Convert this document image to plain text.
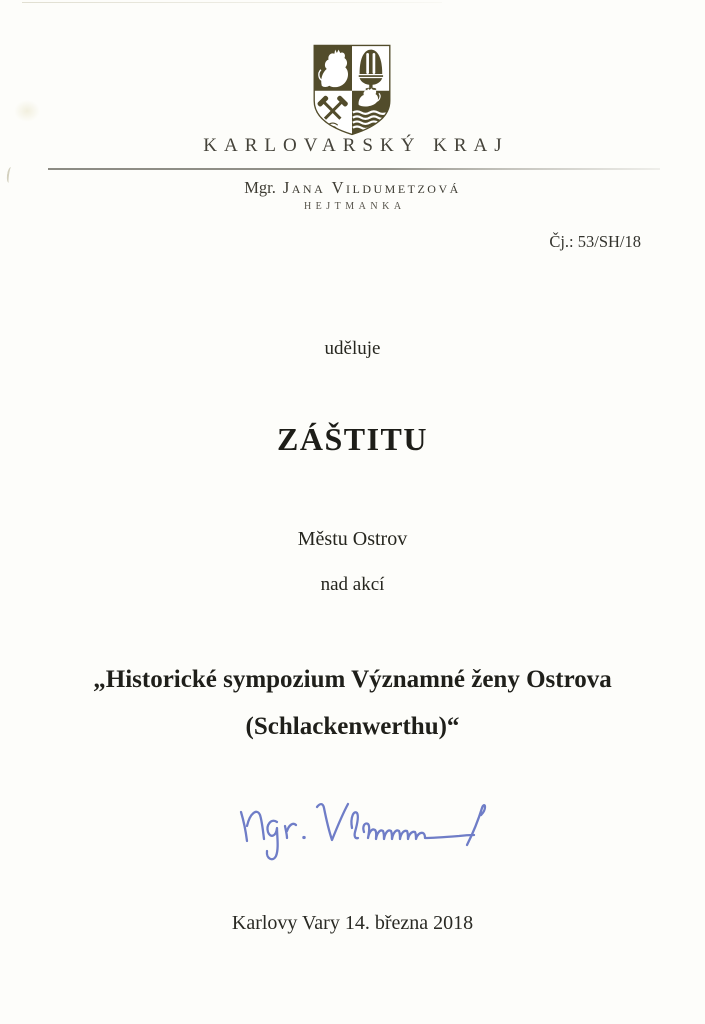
KARLOVARSKÝ KRAJ
Mgr. Jana Vildumetzová
HEJTMANKA
Čj.: 53/SH/18
uděluje
ZÁŠTITU
Městu Ostrov
nad akcí
„Historické sympozium Významné ženy Ostrova
(Schlackenwerthu)“
Karlovy Vary 14. března 2018
